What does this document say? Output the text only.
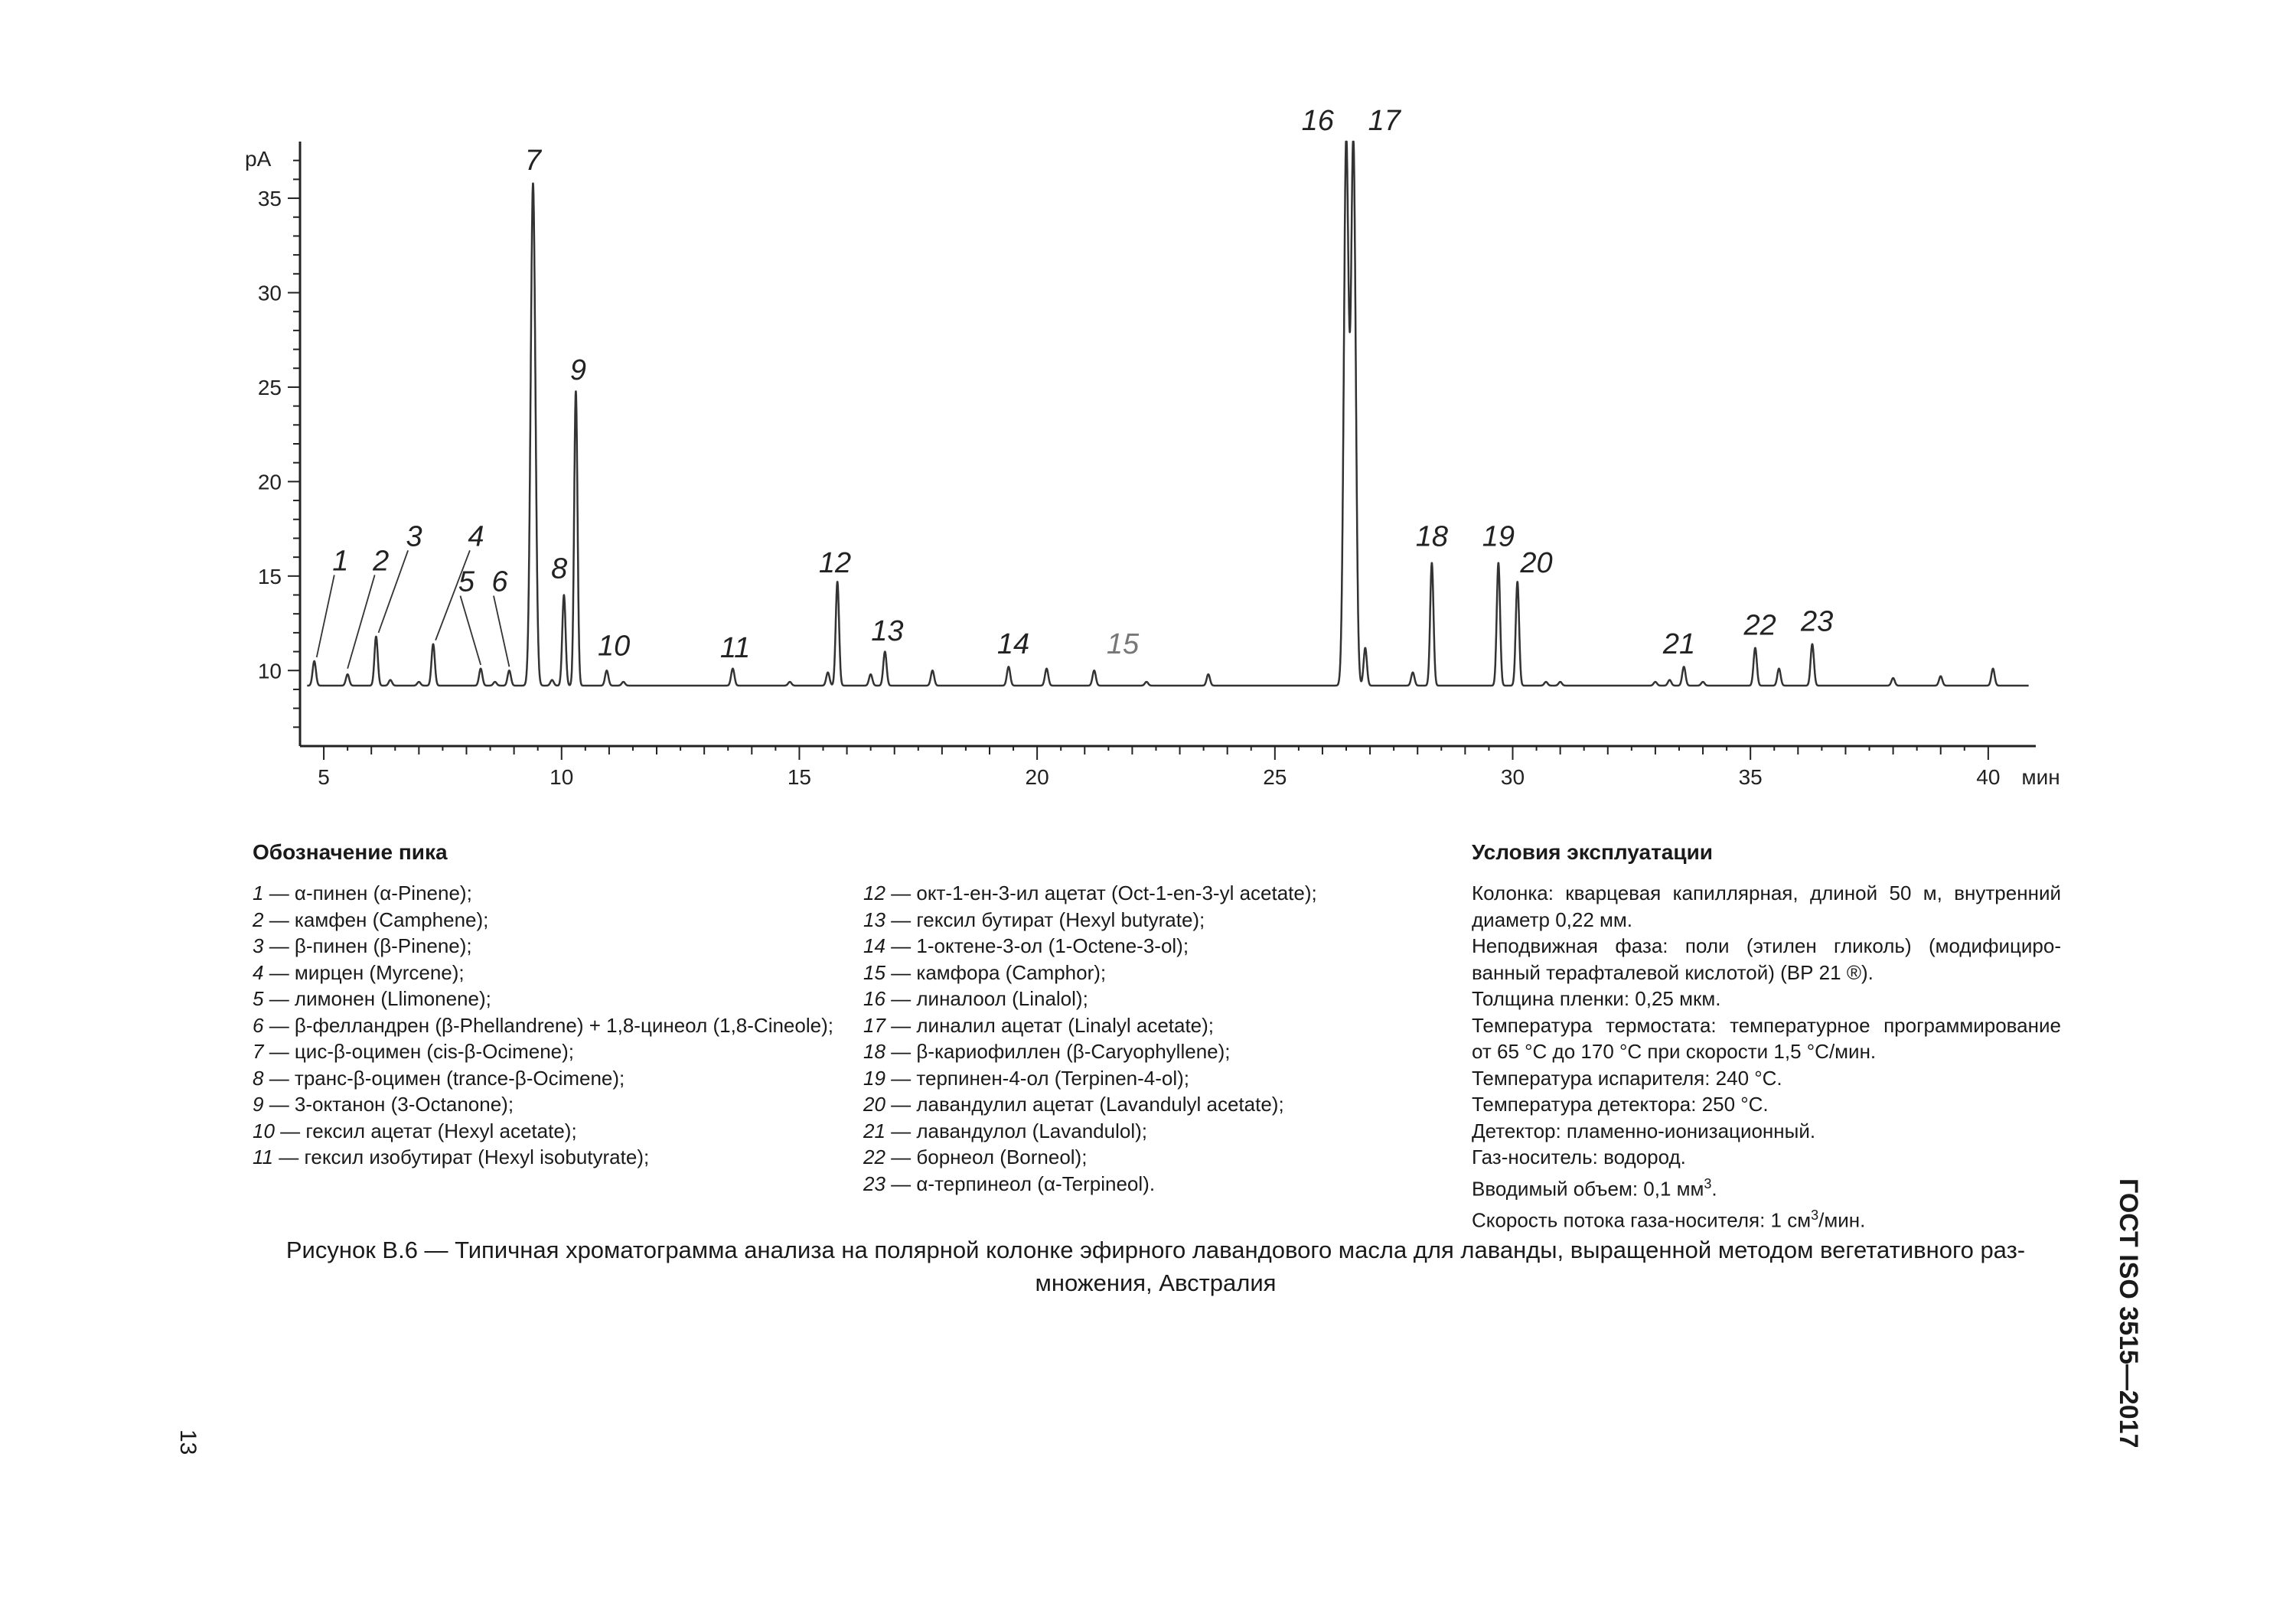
10
15
20
25
30
35
pA
5	10	15	20	25	30	35	40 мин
1 2
3 4
5 6
7
8
9
10	11
12
13	14	15
16 17
18 19
20
21
22 23
Обозначение пика
1 — α-пинен (α-Pinene);
2 — камфен (Camphene);
3 — β-пинен (β-Pinene);
4 — мирцен (Myrcene);
5 — лимонен (Llimonene);
6 — β-фелландрен (β-Phellandrene) + 1,8-цинеол (1,8-Cineole);
7 — цис-β-оцимен (cis-β-Ocimene);
8 — транс-β-оцимен (trance-β-Ocimene);
9 — 3-октанон (3-Octanone);
10 — гексил ацетат (Hexyl acetate);
11 — гексил изобутират (Hexyl isobutyrate);
12 — окт-1-ен-3-ил ацетат (Oct-1-en-3-yl acetate);
13 — гексил бутират (Hexyl butyrate);
14 — 1-октене-3-ол (1-Octene-3-ol);
15 — камфора (Camphor);
16 — линалоол (Linalol);
17 — линалил ацетат (Linalyl acetate);
18 — β-кариофиллен (β-Caryophyllene);
19 — терпинен-4-ол (Terpinen-4-ol);
20 — лавандулил ацетат (Lavandulyl acetate);
21 — лавандулол (Lavandulol);
22 — борнеол (Borneol);
23 — α-терпинеол (α-Terpineol).
Условия эксплуатации
Колонка: кварцевая капиллярная, длиной 50 м, внутренний диаметр 0,22 мм.
Неподвижная фаза: поли (этилен гликоль) (модифицированный терафталевой кислотой) (ВР 21 ®).
Толщина пленки: 0,25 мкм.
Температура термостата: температурное программирование от 65 °С до 170 °С при скорости 1,5 °С/мин.
Температура испарителя: 240 °С.
Температура детектора: 250 °С.
Детектор: пламенно-ионизационный.
Газ-носитель: водород.
Вводимый объем: 0,1 $мм^3$.
Скорость потока газа-носителя: 1 $см^3$/мин.
Рисунок В.6 — Типичная хроматограмма анализа на полярной колонке эфирного лавандового масла для лаванды, выращенной методом вегетативного размножения, Австралия	ГОСТ ISO 3515—2017
13
